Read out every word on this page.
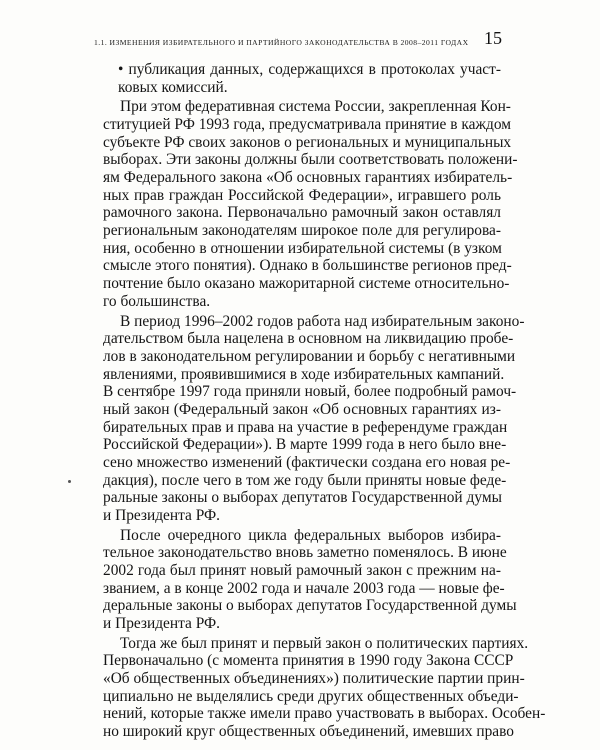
1.1. ИЗМЕНЕНИЯ ИЗБИРАТЕЛЬНОГО И ПАРТИЙНОГО ЗАКОНОДАТЕЛЬСТВА В 2008–2011 ГОДАХ 15
• публикация данных, содержащихся в протоколах участ-
ковых комиссий.
При этом федеративная система России, закрепленная Кон-
ституцией РФ 1993 года, предусматривала принятие в каждом
субъекте РФ своих законов о региональных и муниципальных
выборах. Эти законы должны были соответствовать положени-
ям Федерального закона «Об основных гарантиях избиратель-
ных прав граждан Российской Федерации», игравшего роль
рамочного закона. Первоначально рамочный закон оставлял
региональным законодателям широкое поле для регулирова-
ния, особенно в отношении избирательной системы (в узком
смысле этого понятия). Однако в большинстве регионов пред-
почтение было оказано мажоритарной системе относительно-
го большинства.
В период 1996–2002 годов работа над избирательным законо-
дательством была нацелена в основном на ликвидацию пробе-
лов в законодательном регулировании и борьбу с негативными
явлениями, проявившимися в ходе избирательных кампаний.
В сентябре 1997 года приняли новый, более подробный рамоч-
ный закон (Федеральный закон «Об основных гарантиях из-
бирательных прав и права на участие в референдуме граждан
Российской Федерации»). В марте 1999 года в него было вне-
сено множество изменений (фактически создана его новая ре-
дакция), после чего в том же году были приняты новые феде-
ральные законы о выборах депутатов Государственной думы
и Президента РФ.
После очередного цикла федеральных выборов избира-
тельное законодательство вновь заметно поменялось. В июне
2002 года был принят новый рамочный закон с прежним на-
званием, а в конце 2002 года и начале 2003 года — новые фе-
деральные законы о выборах депутатов Государственной думы
и Президента РФ.
Тогда же был принят и первый закон о политических партиях.
Первоначально (с момента принятия в 1990 году Закона СССР
«Об общественных объединениях») политические партии прин-
ципиально не выделялись среди других общественных объеди-
нений, которые также имели право участвовать в выборах. Особен-
но широкий круг общественных объединений, имевших право
